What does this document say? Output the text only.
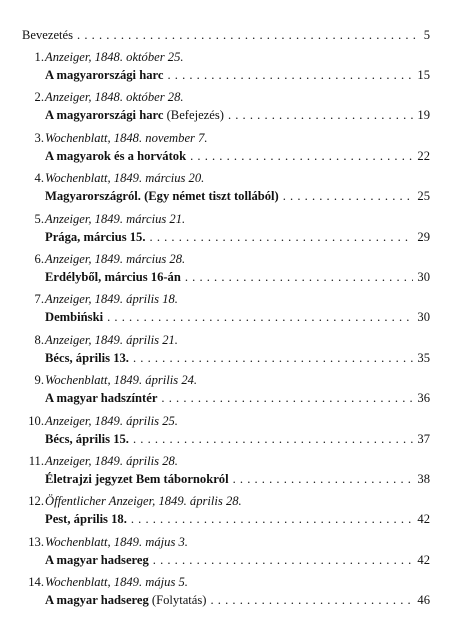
Bevezetés . . .	5
1. Anzeiger, 1848. október 25.
A magyarországi harc . . .	15
2. Anzeiger, 1848. október 28.
A magyarországi harc (Befejezés) . . .	19
3. Wochenblatt, 1848. november 7.
A magyarok és a horvátok . . .	22
4. Wochenblatt, 1849. március 20.
Magyarországról. (Egy német tiszt tollából) . . .	25
5. Anzeiger, 1849. március 21.
Prága, március 15. . . .	29
6. Anzeiger, 1849. március 28.
Erdélyből, március 16-án . . .	30
7. Anzeiger, 1849. április 18.
Dembiński . . .	30
8. Anzeiger, 1849. április 21.
Bécs, április 13. . . .	35
9. Wochenblatt, 1849. április 24.
A magyar hadszíntér . . .	36
10. Anzeiger, 1849. április 25.
Bécs, április 15. . . .	37
11. Anzeiger, 1849. április 28.
Életrajzi jegyzet Bem tábornokról . . .	38
12. Öffentlicher Anzeiger, 1849. április 28.
Pest, április 18. . . .	42
13. Wochenblatt, 1849. május 3.
A magyar hadsereg . . .	42
14. Wochenblatt, 1849. május 5.
A magyar hadsereg (Folytatás) . . .	46
